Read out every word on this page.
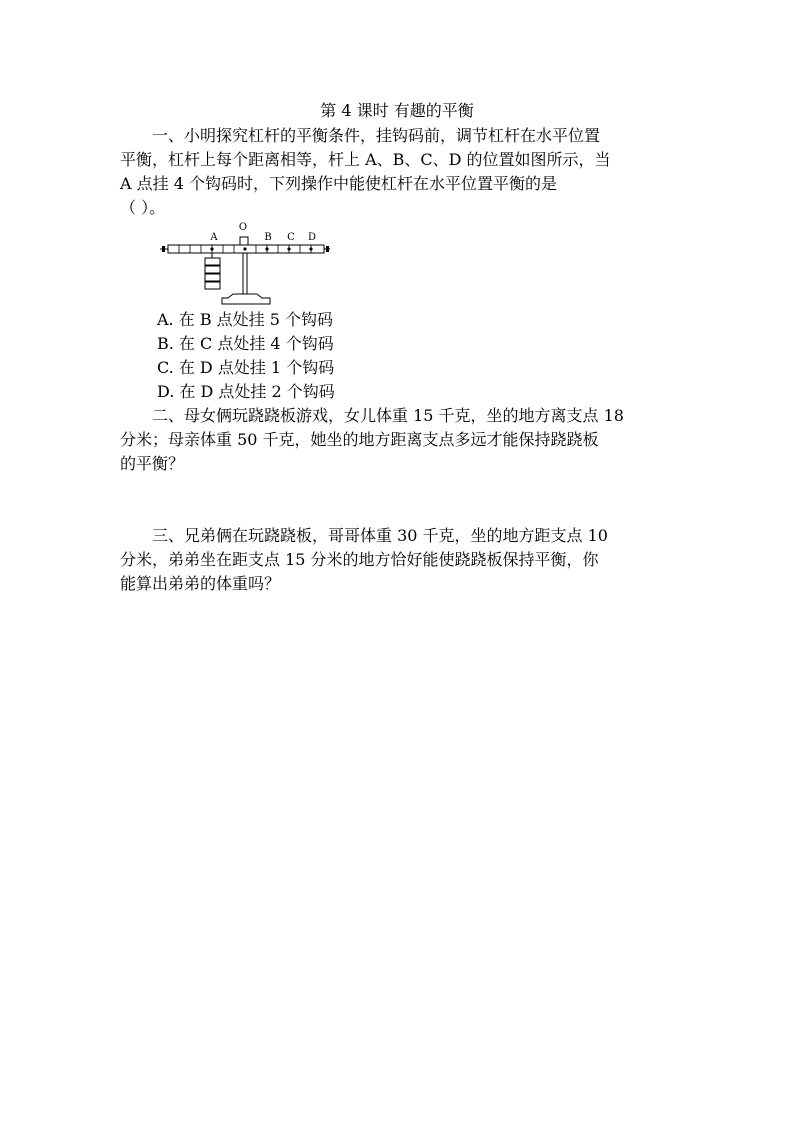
第 4 课时 有趣的平衡
一、小明探究杠杆的平衡条件，挂钩码前，调节杠杆在水平位置
平衡，杠杆上每个距离相等，杆上 A、B、C、D 的位置如图所示，当
A 点挂 4 个钩码时，下列操作中能使杠杆在水平位置平衡的是
（ ）。
O
A	B C D
A. 在 B 点处挂 5 个钩码
B. 在 C 点处挂 4 个钩码
C. 在 D 点处挂 1 个钩码
D. 在 D 点处挂 2 个钩码
二、母女俩玩跷跷板游戏，女儿体重 15 千克，坐的地方离支点 18
分米；母亲体重 50 千克，她坐的地方距离支点多远才能保持跷跷板
的平衡？
三、兄弟俩在玩跷跷板，哥哥体重 30 千克，坐的地方距支点 10
分米，弟弟坐在距支点 15 分米的地方恰好能使跷跷板保持平衡，你
能算出弟弟的体重吗？
